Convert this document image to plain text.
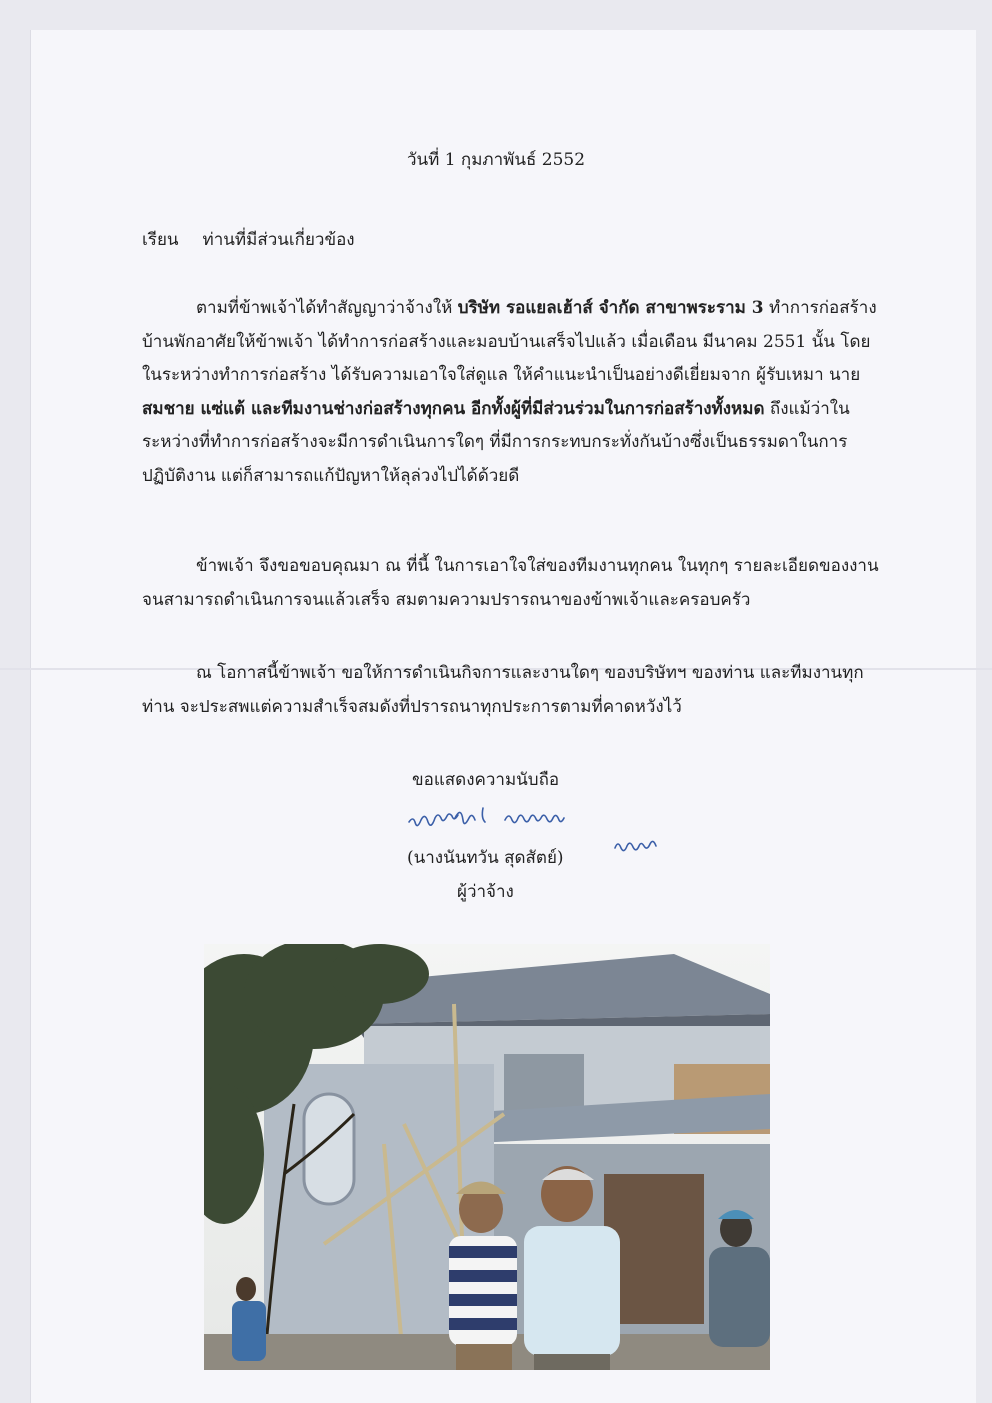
วันที่ 1 กุมภาพันธ์ 2552
เรียน ท่านที่มีส่วนเกี่ยวข้อง
ตามที่ข้าพเจ้าได้ทำสัญญาว่าจ้างให้ บริษัท รอแยลเฮ้าส์ จำกัด สาขาพระราม 3 ทำการก่อสร้าง
บ้านพักอาศัยให้ข้าพเจ้า ได้ทำการก่อสร้างและมอบบ้านเสร็จไปแล้ว เมื่อเดือน มีนาคม 2551 นั้น โดย
ในระหว่างทำการก่อสร้าง ได้รับความเอาใจใส่ดูแล ให้คำแนะนำเป็นอย่างดีเยี่ยมจาก ผู้รับเหมา นาย
สมชาย แซ่แต้ และทีมงานช่างก่อสร้างทุกคน อีกทั้งผู้ที่มีส่วนร่วมในการก่อสร้างทั้งหมด ถึงแม้ว่าใน
ระหว่างที่ทำการก่อสร้างจะมีการดำเนินการใดๆ ที่มีการกระทบกระทั่งกันบ้างซึ่งเป็นธรรมดาในการ
ปฏิบัติงาน แต่ก็สามารถแก้ปัญหาให้ลุล่วงไปได้ด้วยดี
ข้าพเจ้า จึงขอขอบคุณมา ณ ที่นี้ ในการเอาใจใส่ของทีมงานทุกคน ในทุกๆ รายละเอียดของงาน
จนสามารถดำเนินการจนแล้วเสร็จ สมตามความปรารถนาของข้าพเจ้าและครอบครัว
ณ โอกาสนี้ข้าพเจ้า ขอให้การดำเนินกิจการและงานใดๆ ของบริษัทฯ ของท่าน และทีมงานทุก
ท่าน จะประสพแต่ความสำเร็จสมดังที่ปรารถนาทุกประการตามที่คาดหวังไว้
ขอแสดงความนับถือ
(นางนันทวัน สุดสัตย์)
ผู้ว่าจ้าง
